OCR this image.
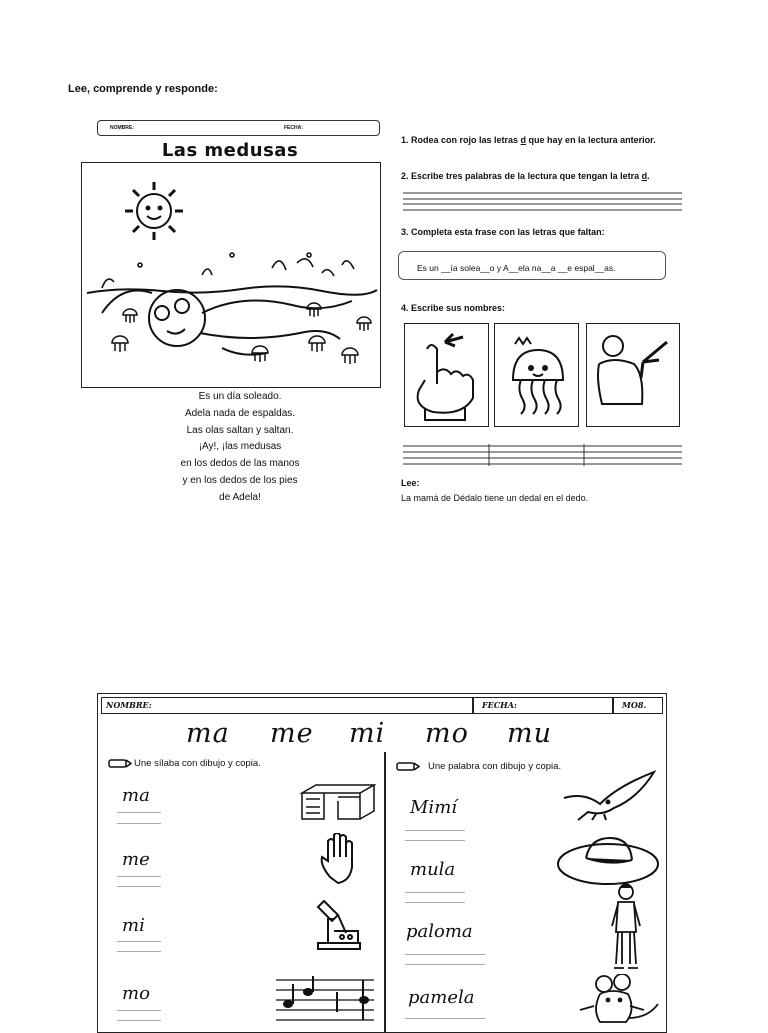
Lee, comprende y responde:
NOMBRE:	FECHA:
Las medusas
Es un día soleado.
Adela nada de espaldas.
Las olas saltan y saltan.
¡Ay!, ¡las medusas
en los dedos de las manos
y en los dedos de los pies
de Adela!
1. Rodea con rojo las letras d que hay en la lectura anterior.
2. Escribe tres palabras de la lectura que tengan la letra d.
3. Completa esta frase con las letras que faltan:
Es un __ía solea__o y A__ela na__a __e espal__as.
4. Escribe sus nombres:
Lee:
La mamá de Dédalo tiene un dedal en el dedo.
NOMBRE:	FECHA:	MO8.
ma me mi mo mu
Une sílaba con dibujo y copia.
ma
me
mi
mo
Une palabra con dibujo y copia.
Mimí
mula
paloma
pamela
